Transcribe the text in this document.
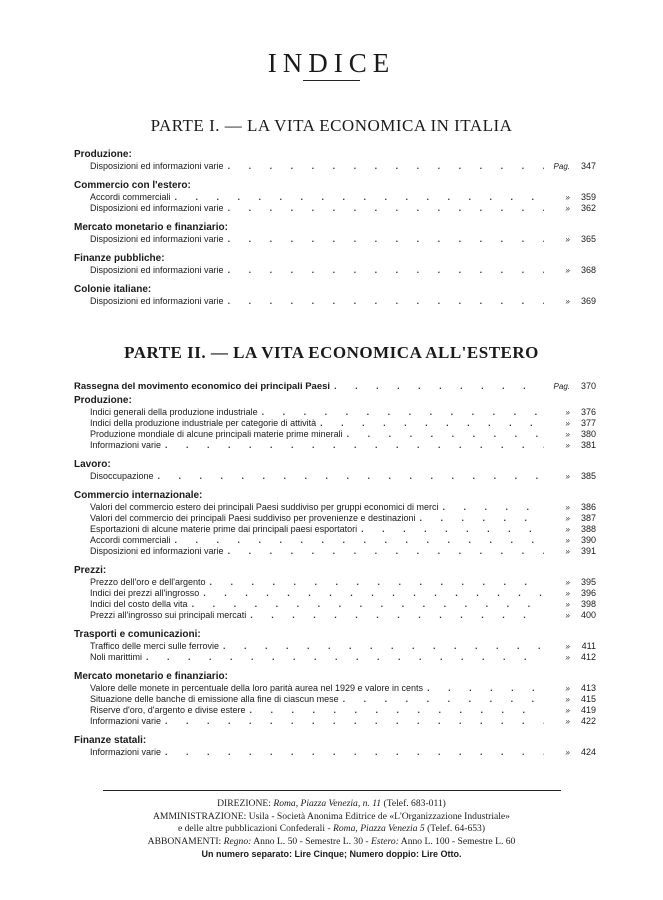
INDICE
PARTE I. — LA VITA ECONOMICA IN ITALIA
Produzione:
Disposizioni ed informazioni varie . . .	Pag.	347
Commercio con l'estero:
Accordi commerciali . . .	»	359
Disposizioni ed informazioni varie . . .	»	362
Mercato monetario e finanziario:
Disposizioni ed informazioni varie . . .	»	365
Finanze pubbliche:
Disposizioni ed informazioni varie . . .	»	368
Colonie italiane:
Disposizioni ed informazioni varie . . .	»	369
PARTE II. — LA VITA ECONOMICA ALL'ESTERO
Rassegna del movimento economico dei principali Paesi . . .	Pag.	370
Produzione:
Indici generali della produzione industriale . . .	»	376
Indici della produzione industriale per categorie di attività . . .	»	377
Produzione mondiale di alcune principali materie prime minerali . . .	»	380
Informazioni varie . . .	»	381
Lavoro:
Disoccupazione . . .	»	385
Commercio internazionale:
Valori del commercio estero dei principali Paesi suddiviso per gruppi economici di merci . . .	»	386
Valori del commercio dei principali Paesi suddiviso per provenienze e destinazioni . . .	»	387
Esportazioni di alcune materie prime dai principali paesi esportatori . . .	»	388
Accordi commerciali . . .	»	390
Disposizioni ed informazioni varie . . .	»	391
Prezzi:
Prezzo dell'oro e dell'argento . . .	»	395
Indici dei prezzi all'ingrosso . . .	»	396
Indici del costo della vita . . .	»	398
Prezzi all'ingrosso sui principali mercati . . .	»	400
Trasporti e comunicazioni:
Traffico delle merci sulle ferrovie . . .	»	411
Noli marittimi . . .	»	412
Mercato monetario e finanziario:
Valore delle monete in percentuale della loro parità aurea nel 1929 e valore in cents . . .	»	413
Situazione delle banche di emissione alla fine di ciascun mese . . .	»	415
Riserve d'oro, d'argento e divise estere . . .	»	419
Informazioni varie . . .	»	422
Finanze statali:
Informazioni varie . . .	»	424
DIREZIONE: Roma, Piazza Venezia, n. 11 (Telef. 683-011)
AMMINISTRAZIONE: Usila - Società Anonima Editrice de «L'Organizzazione Industriale»
e delle altre pubblicazioni Confederali - Roma, Piazza Venezia 5 (Telef. 64-653)
ABBONAMENTI: Regno: Anno L. 50 - Semestre L. 30 - Estero: Anno L. 100 - Semestre L. 60
Un numero separato: Lire Cinque; Numero doppio: Lire Otto.
